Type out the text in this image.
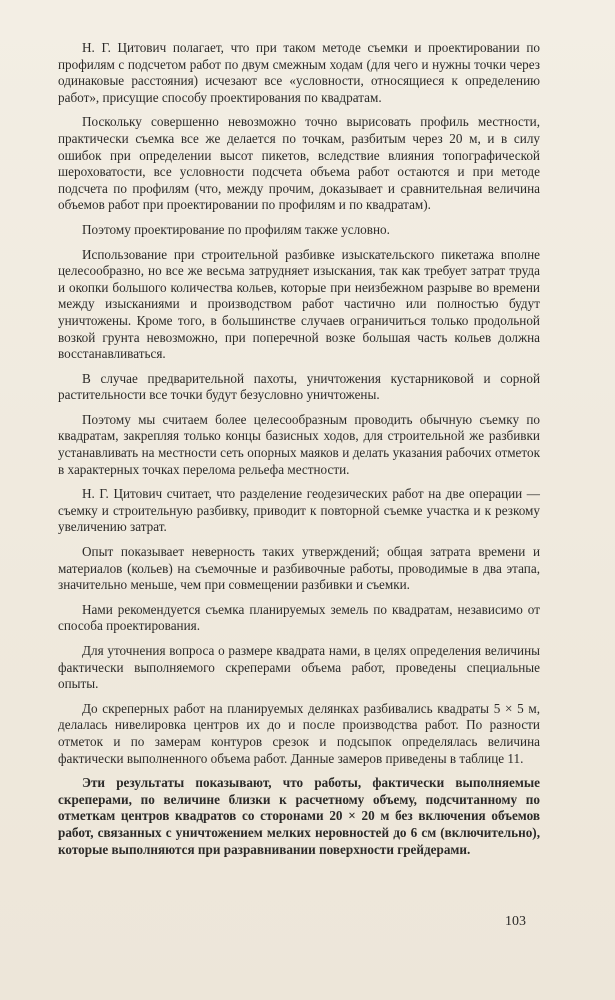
Н. Г. Цитович полагает, что при таком методе съемки и проектировании по профилям с подсчетом работ по двум смежным ходам (для чего и нужны точки через одинаковые расстояния) исчезают все «условности, относящиеся к определению работ», присущие способу проектирования по квадратам.

Поскольку совершенно невозможно точно вырисовать профиль местности, практически съемка все же делается по точкам, разбитым через 20 м, и в силу ошибок при определении высот пикетов, вследствие влияния топографической шероховатости, все условности подсчета объема работ остаются и при методе подсчета по профилям (что, между прочим, доказывает и сравнительная величина объемов работ при проектировании по профилям и по квадратам).

Поэтому проектирование по профилям также условно.

Использование при строительной разбивке изыскательского пикетажа вполне целесообразно, но все же весьма затрудняет изыскания, так как требует затрат труда и окопки большого количества кольев, которые при неизбежном разрыве во времени между изысканиями и производством работ частично или полностью будут уничтожены. Кроме того, в большинстве случаев ограничиться только продольной возкой грунта невозможно, при поперечной возке большая часть кольев должна восстанавливаться.

В случае предварительной пахоты, уничтожения кустарниковой и сорной растительности все точки будут безусловно уничтожены.

Поэтому мы считаем более целесообразным проводить обычную съемку по квадратам, закрепляя только концы базисных ходов, для строительной же разбивки устанавливать на местности сеть опорных маяков и делать указания рабочих отметок в характерных точках перелома рельефа местности.

Н. Г. Цитович считает, что разделение геодезических работ на две операции — съемку и строительную разбивку, приводит к повторной съемке участка и к резкому увеличению затрат.

Опыт показывает неверность таких утверждений; общая затрата времени и материалов (кольев) на съемочные и разбивочные работы, проводимые в два этапа, значительно меньше, чем при совмещении разбивки и съемки.

Нами рекомендуется съемка планируемых земель по квадратам, независимо от способа проектирования.

Для уточнения вопроса о размере квадрата нами, в целях определения величины фактически выполняемого скреперами объема работ, проведены специальные опыты.

До скреперных работ на планируемых делянках разбивались квадраты 5 × 5 м, делалась нивелировка центров их до и после производства работ. По разности отметок и по замерам контуров срезок и подсыпок определялась величина фактически выполненного объема работ. Данные замеров приведены в таблице 11.

Эти результаты показывают, что работы, фактически выполняемые скреперами, по величине близки к расчетному объему, подсчитанному по отметкам центров квадратов со сторонами 20 × 20 м без включения объемов работ, связанных с уничтожением мелких неровностей до 6 см (включительно), которые выполняются при разравнивании поверхности грейдерами.

103
